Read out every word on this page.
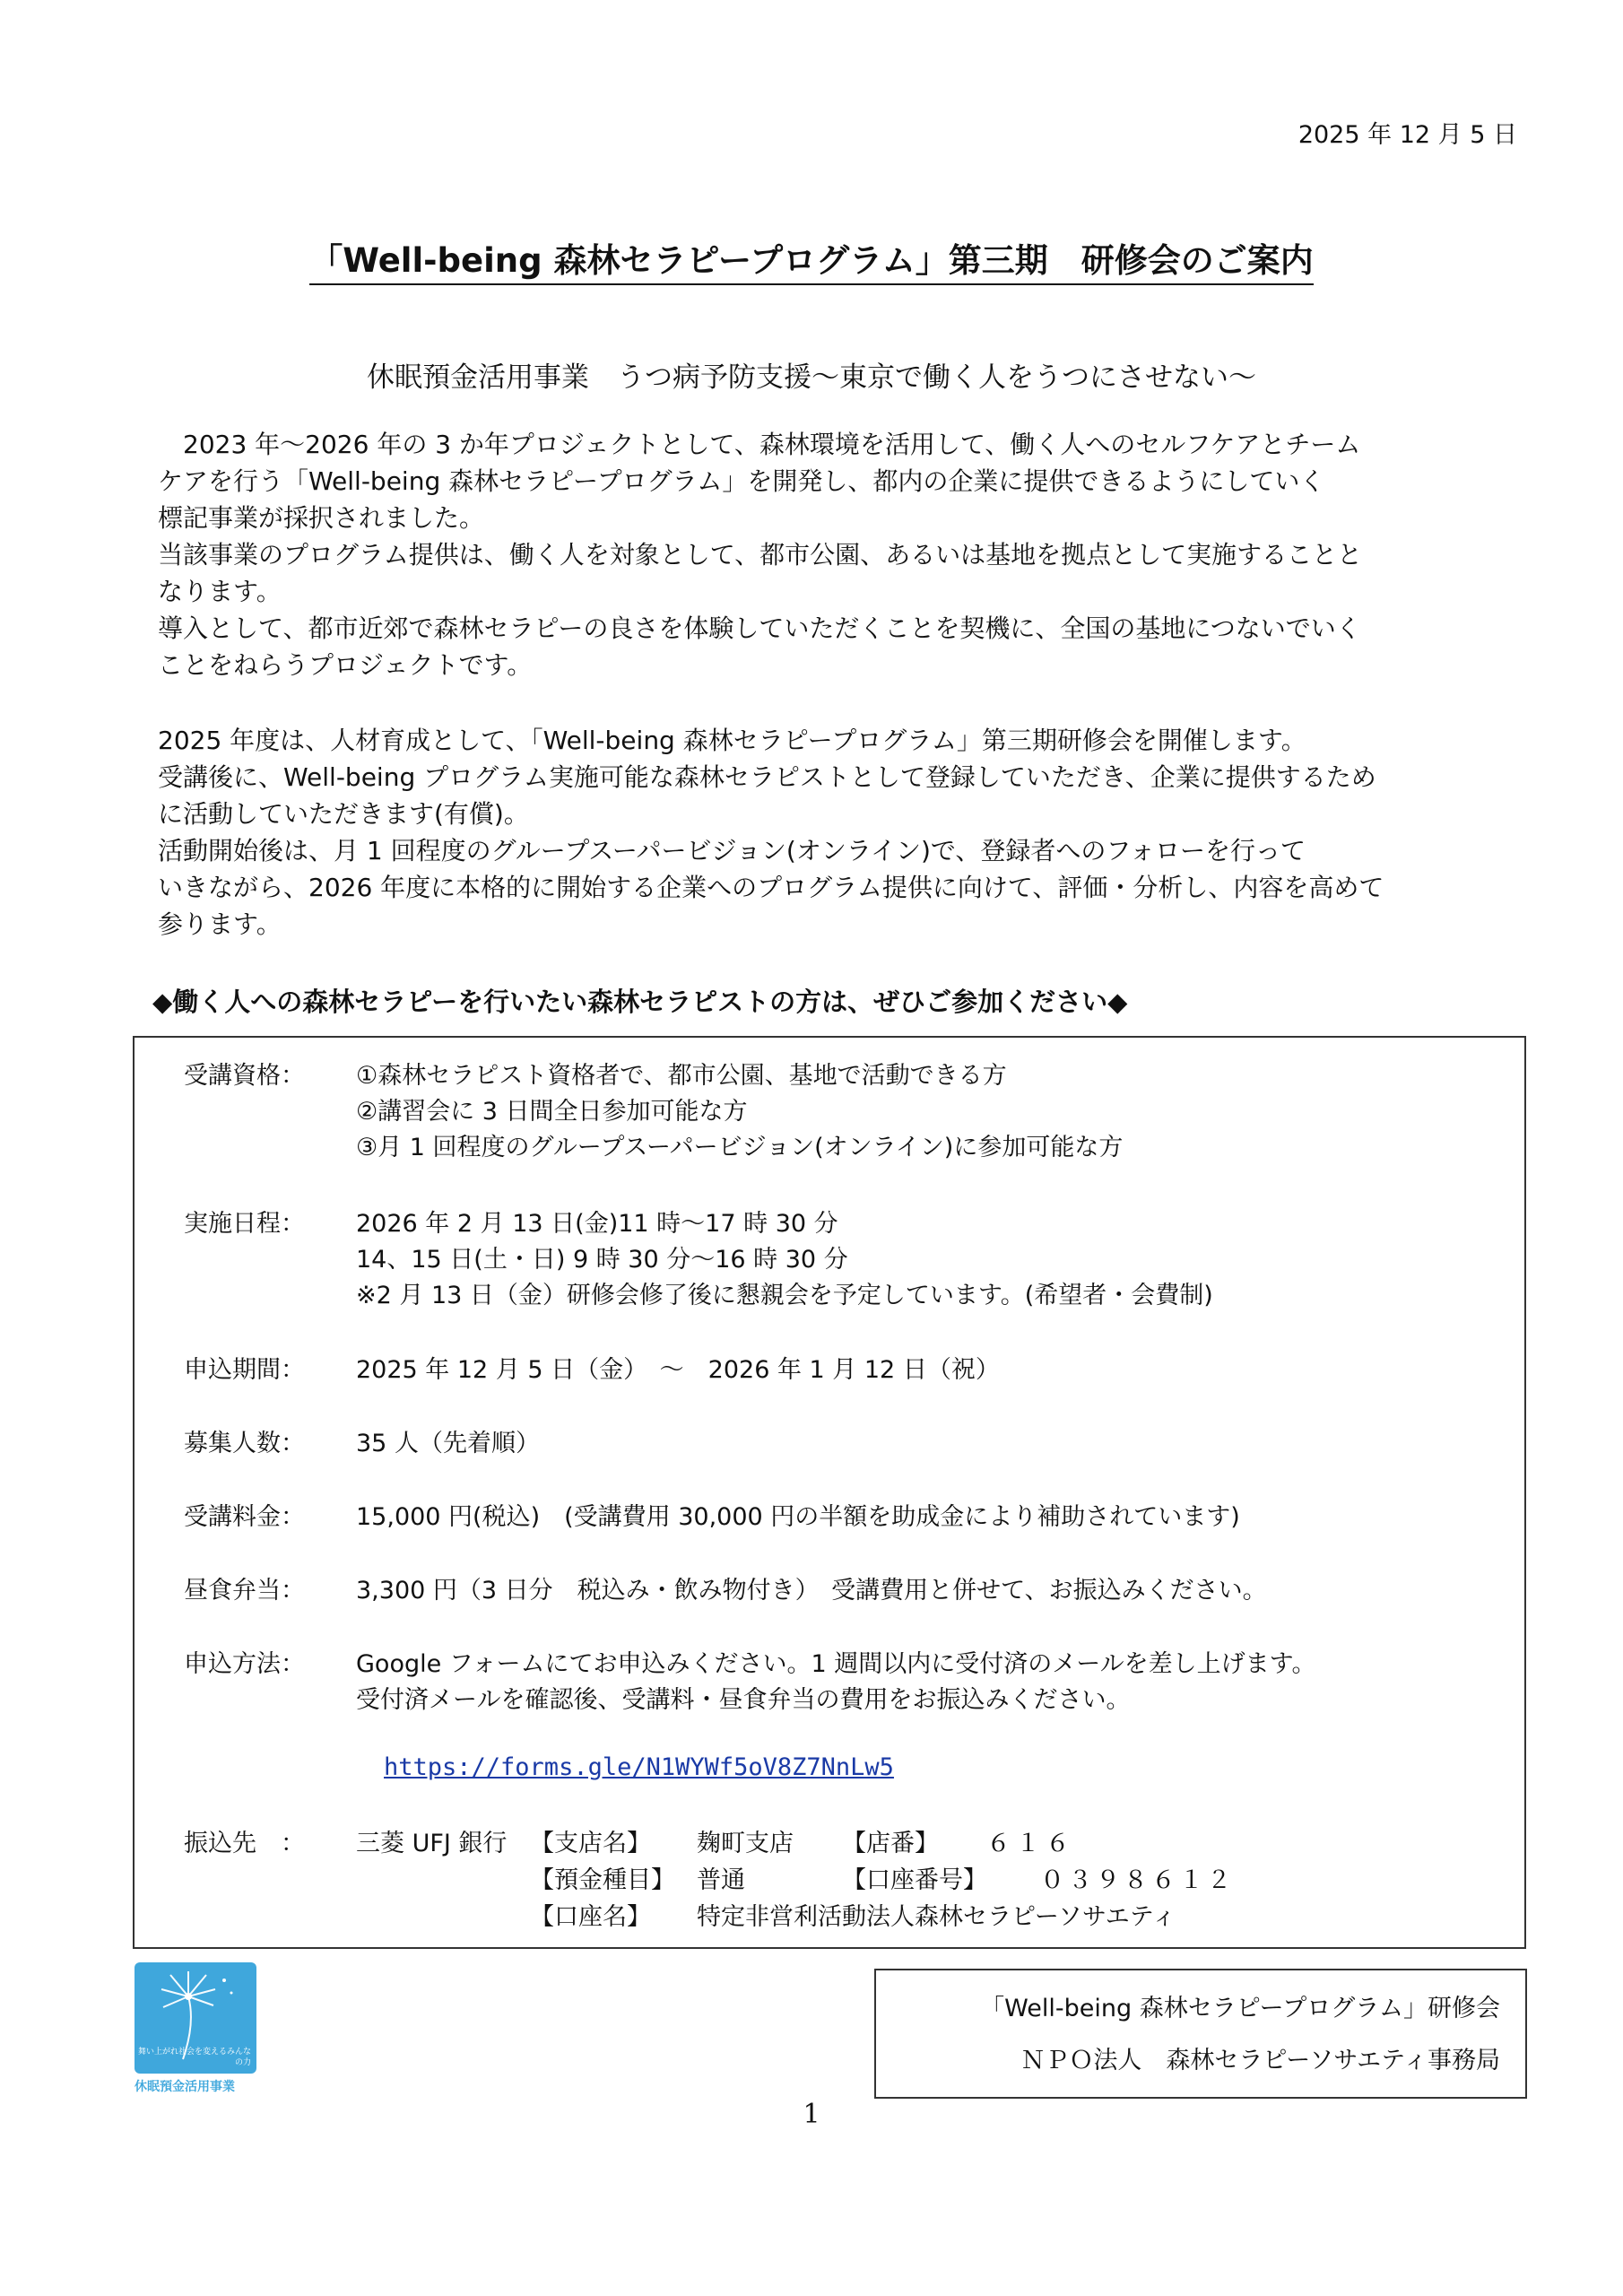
2025 年 12 月 5 日
「Well-being 森林セラピープログラム」第三期　研修会のご案内
休眠預金活用事業　うつ病予防支援～東京で働く人をうつにさせない～

　2023 年～2026 年の 3 か年プロジェクトとして、森林環境を活用して、働く人へのセルフケアとチーム

ケアを行う「Well-being 森林セラピープログラム」を開発し、都内の企業に提供できるようにしていく

標記事業が採択されました。

当該事業のプログラム提供は、働く人を対象として、都市公園、あるいは基地を拠点として実施することと

なります。

導入として、都市近郊で森林セラピーの良さを体験していただくことを契機に、全国の基地につないでいく

ことをねらうプロジェクトです。

2025 年度は、人材育成として、「Well-being 森林セラピープログラム」第三期研修会を開催します。

受講後に、Well-being プログラム実施可能な森林セラピストとして登録していただき、企業に提供するため

に活動していただきます(有償)。

活動開始後は、月 1 回程度のグループスーパービジョン(オンライン)で、登録者へのフォローを行って

いきながら、2026 年度に本格的に開始する企業へのプログラム提供に向けて、評価・分析し、内容を高めて

参ります。

◆働く人への森林セラピーを行いたい森林セラピストの方は、ぜひご参加ください◆
受講資格： ①森林セラピスト資格者で、都市公園、基地で活動できる方
②講習会に 3 日間全日参加可能な方
③月 1 回程度のグループスーパービジョン(オンライン)に参加可能な方
実施日程： 2026 年 2 月 13 日(金)11 時～17 時 30 分
14、15 日(土・日) 9 時 30 分～16 時 30 分
※2 月 13 日（金）研修会修了後に懇親会を予定しています。(希望者・会費制)
申込期間： 2025 年 12 月 5 日（金）　～　2026 年 1 月 12 日（祝）
募集人数： 35 人（先着順）
受講料金： 15,000 円(税込)　(受講費用 30,000 円の半額を助成金により補助されています)
昼食弁当： 3,300 円（3 日分　税込み・飲み物付き）　受講費用と併せて、お振込みください。
申込方法： Google フォームにてお申込みください。1 週間以内に受付済のメールを差し上げます。
受付済メールを確認後、受講料・昼食弁当の費用をお振込みください。
https://forms.gle/N1WYWf5oV8Z7NnLw5
振込先　： 三菱 UFJ 銀行 【支店名】 麹町支店 【店番】 ６１６
【預金種目】 普通	【口座番号】 ０３９８６１２
【口座名】 特定非営利活動法人森林セラピーソサエティ
舞い上がれ社会を変えるみんなの力
休眠預金活用事業
「Well-being 森林セラピープログラム」研修会
ＮＰＯ法人　森林セラピーソサエティ事務局
1
